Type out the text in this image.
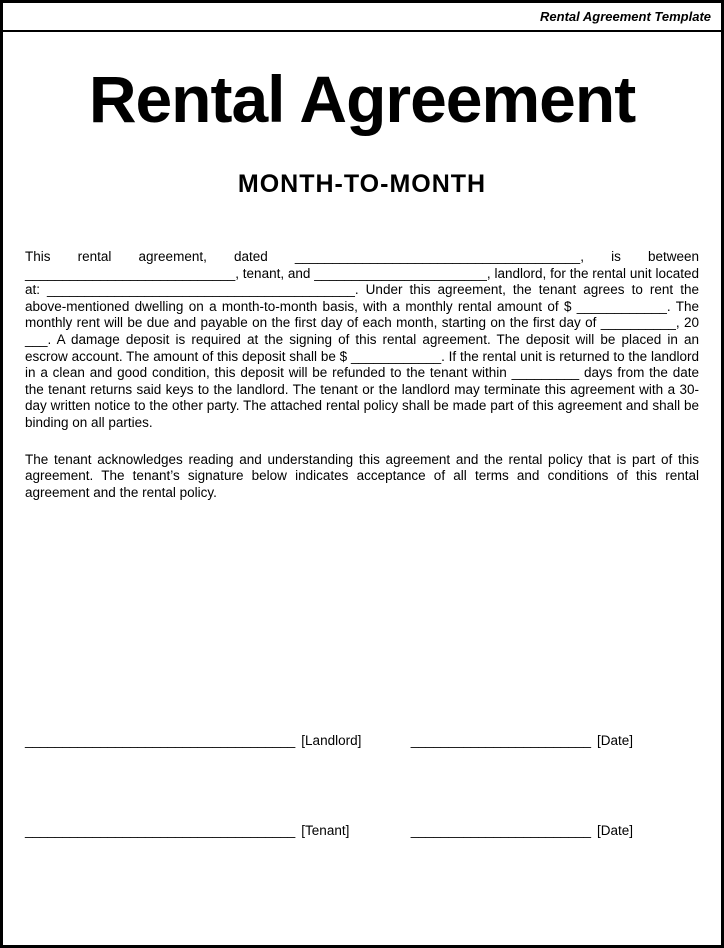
Rental Agreement Template
Rental Agreement
MONTH-TO-MONTH

This rental agreement, dated ______________________________________, is between ____________________________, tenant, and _______________________, landlord, for the rental unit located at: _________________________________________. Under this agreement, the tenant agrees to rent the above-mentioned dwelling on a month-to-month basis, with a monthly rental amount of $ ____________. The monthly rent will be due and payable on the first day of each month, starting on the first day of __________, 20 ___. A damage deposit is required at the signing of this rental agreement. The deposit will be placed in an escrow account. The amount of this deposit shall be $ ____________. If the rental unit is returned to the landlord in a clean and good condition, this deposit will be refunded to the tenant within _________ days from the date the tenant returns said keys to the landlord. The tenant or the landlord may terminate this agreement with a 30-day written notice to the other party. The attached rental policy shall be made part of this agreement and shall be binding on all parties.

The tenant acknowledges reading and understanding this agreement and the rental policy that is part of this agreement. The tenant’s signature below indicates acceptance of all terms and conditions of this rental agreement and the rental policy.

____________________________________ [Landlord]	________________________ [Date]
____________________________________ [Tenant]	________________________ [Date]
